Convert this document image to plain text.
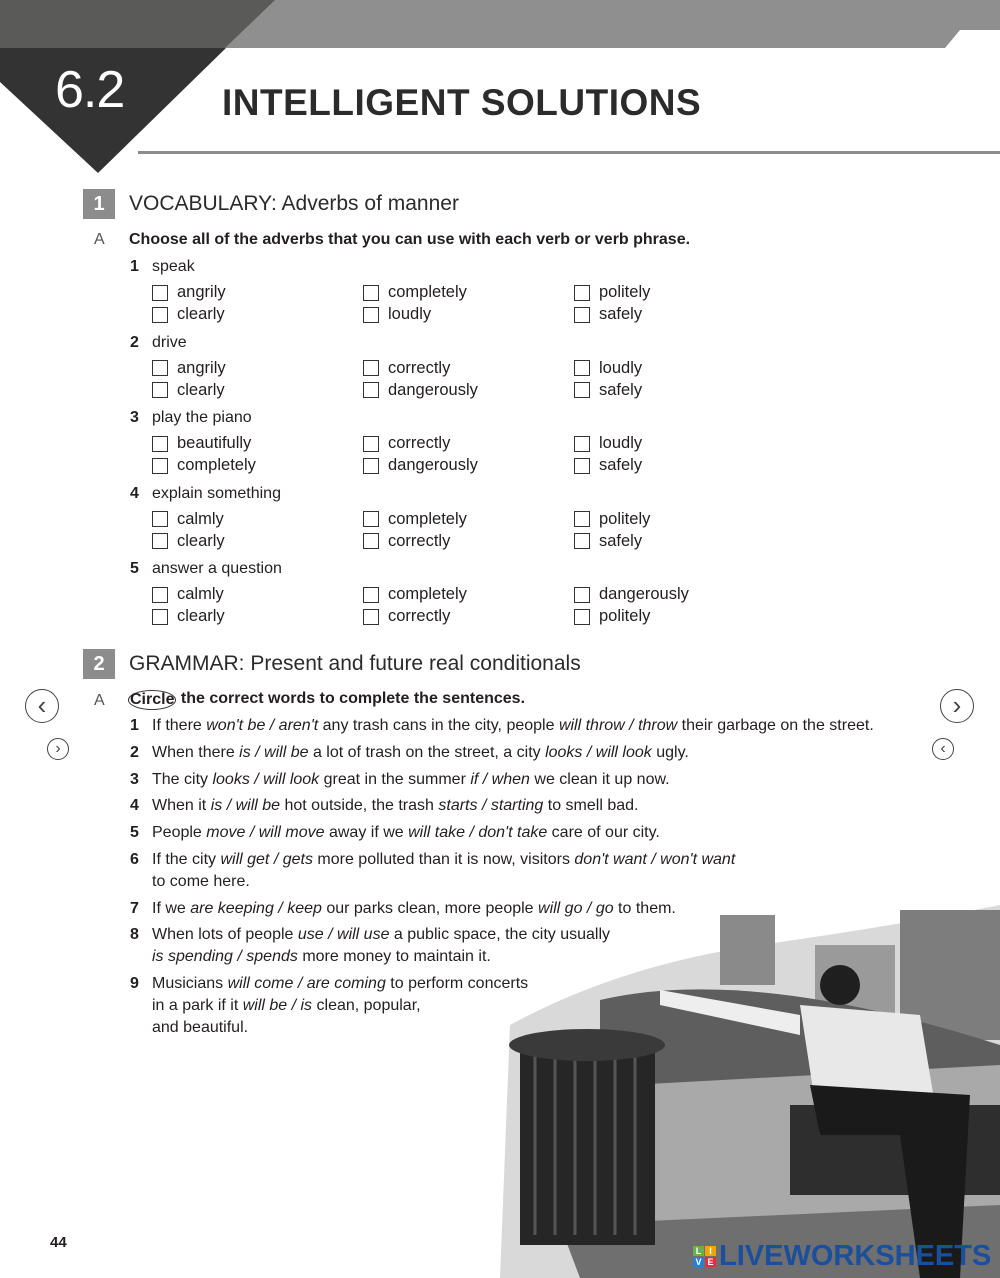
6.2	INTELLIGENT SOLUTIONS
1	VOCABULARY: Adverbs of manner
A Choose all of the adverbs that you can use with each verb or verb phrase.
1 speak
angrily	completely	politely
clearly	loudly	safely
2 drive
angrily	correctly	loudly
clearly	dangerously	safely
3 play the piano
beautifully	correctly	loudly
completely	dangerously	safely
4 explain something
calmly	completely	politely
clearly	correctly	safely
5 answer a question
calmly	completely	dangerously
clearly	correctly	politely
2	GRAMMAR: Present and future real conditionals
A Circle the correct words to complete the sentences.
1 If there won't be / aren't any trash cans in the city, people will throw / throw their garbage on the street.
2 When there is / will be a lot of trash on the street, a city looks / will look ugly.
3 The city looks / will look great in the summer if / when we clean it up now.
4 When it is / will be hot outside, the trash starts / starting to smell bad.
5 People move / will move away if we will take / don't take care of our city.
6 If the city will get / gets more polluted than it is now, visitors don't want / won't want
to come here.
7 If we are keeping / keep our parks clean, more people will go / go to them.
8 When lots of people use / will use a public space, the city usually
is spending / spends more money to maintain it.
9 Musicians will come / are coming to perform concerts
in a park if it will be / is clean, popular,
and beautiful.
‹
›
›
‹
L I
V E LIVEWORKSHEETS
44
